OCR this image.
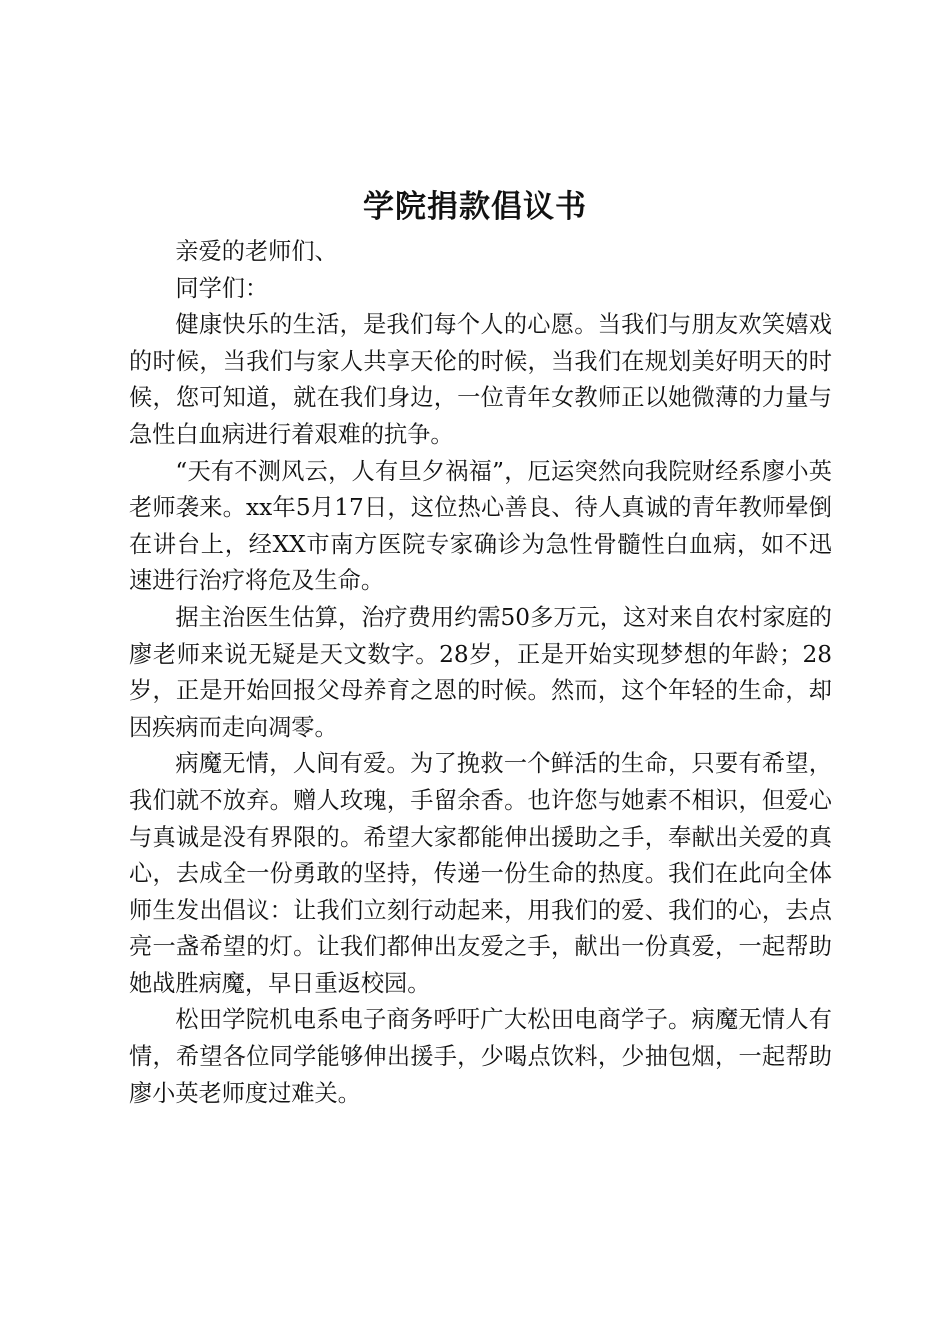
学院捐款倡议书

亲爱的老师们、

同学们：

健康快乐的生活，是我们每个人的心愿。当我们与朋友欢笑嬉戏的时候，当我们与家人共享天伦的时候，当我们在规划美好明天的时候，您可知道，就在我们身边，一位青年女教师正以她微薄的力量与急性白血病进行着艰难的抗争。

“天有不测风云，人有旦夕祸福”，厄运突然向我院财经系廖小英老师袭来。xx年5月17日，这位热心善良、待人真诚的青年教师晕倒在讲台上，经XX市南方医院专家确诊为急性骨髓性白血病，如不迅速进行治疗将危及生命。

据主治医生估算，治疗费用约需50多万元，这对来自农村家庭的廖老师来说无疑是天文数字。28岁，正是开始实现梦想的年龄；28岁，正是开始回报父母养育之恩的时候。然而，这个年轻的生命，却因疾病而走向凋零。

病魔无情，人间有爱。为了挽救一个鲜活的生命，只要有希望，我们就不放弃。赠人玫瑰，手留余香。也许您与她素不相识，但爱心与真诚是没有界限的。希望大家都能伸出援助之手，奉献出关爱的真心，去成全一份勇敢的坚持，传递一份生命的热度。我们在此向全体师生发出倡议：让我们立刻行动起来，用我们的爱、我们的心，去点亮一盏希望的灯。让我们都伸出友爱之手，献出一份真爱，一起帮助她战胜病魔，早日重返校园。

松田学院机电系电子商务呼吁广大松田电商学子。病魔无情人有情，希望各位同学能够伸出援手，少喝点饮料，少抽包烟，一起帮助廖小英老师度过难关。
